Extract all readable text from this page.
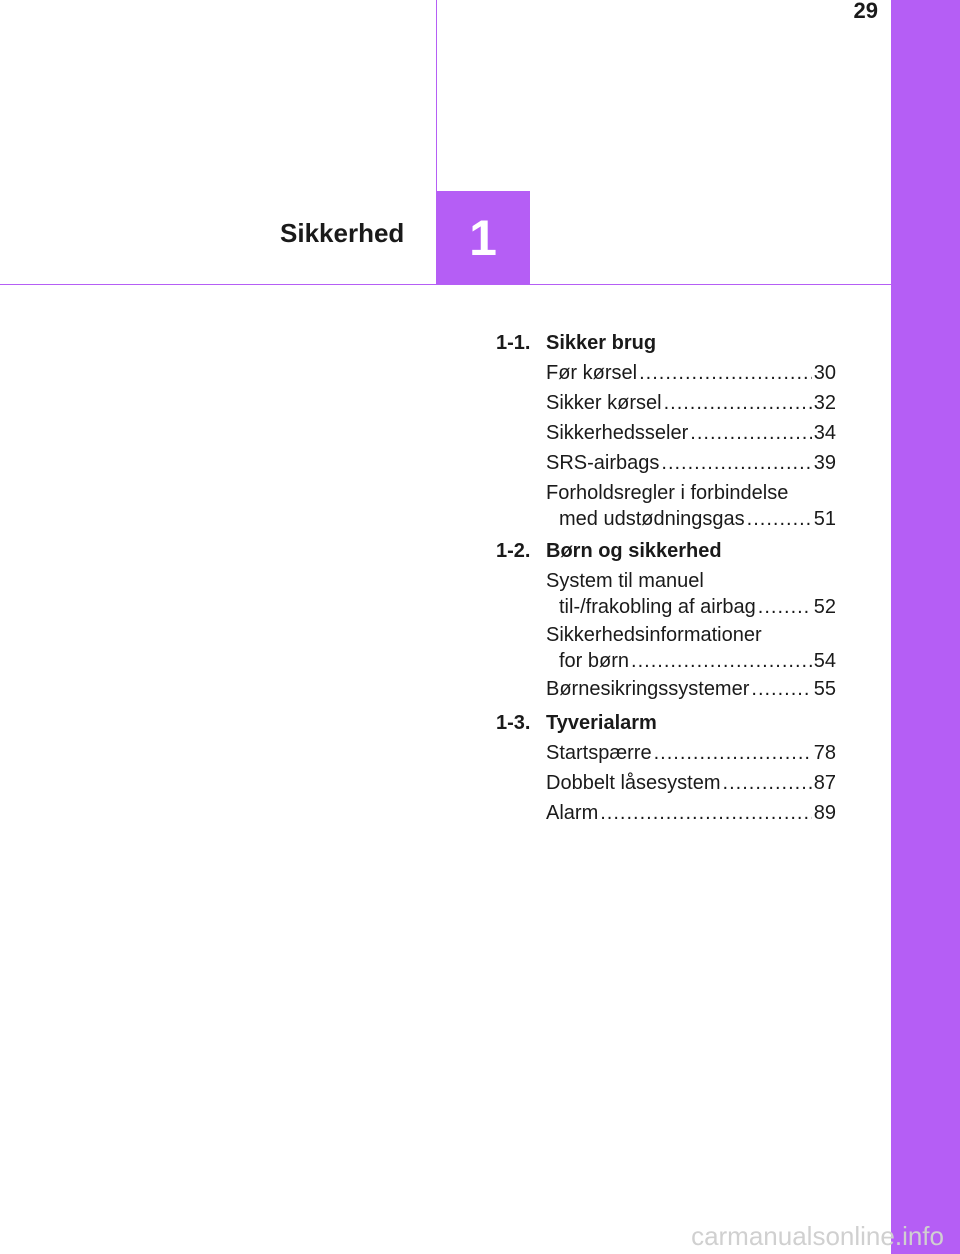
29
Sikkerhed 1
1-1. Sikker brug
Før kørsel .....	30
Sikker kørsel .....	32
Sikkerhedsseler .....	34
SRS-airbags .....	39
Forholdsregler i forbindelse
med udstødningsgas .....	51
1-2. Børn og sikkerhed
System til manuel
til-/frakobling af airbag .....	52
Sikkerhedsinformationer
for børn .....	54
Børnesikringssystemer .....	55
1-3. Tyverialarm
Startspærre .....	78
Dobbelt låsesystem .....	87
Alarm .....	89
carmanualsonline.info
